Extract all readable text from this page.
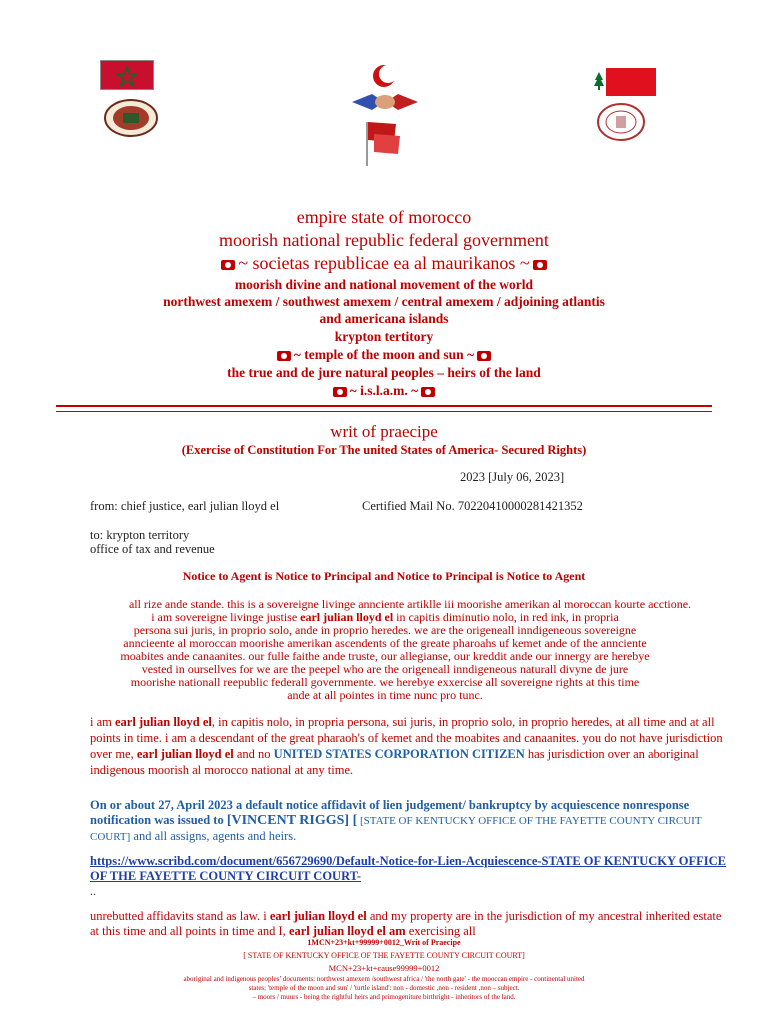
empire state of morocco
moorish national republic federal government
~ societas republicae ea al maurikanos ~
moorish divine and national movement of the world
northwest amexem / southwest amexem / central amexem / adjoining atlantis
and americana islands
krypton tertitory
~ temple of the moon and sun ~
the true and de jure natural peoples – heirs of the land
~ i.s.l.a.m. ~
writ of praecipe
(Exercise of Constitution For The united States of America- Secured Rights)
2023 [July 06, 2023]
from: chief justice, earl julian lloyd el	Certified Mail No. 70220410000281421352
to: krypton territory
office of tax and revenue
Notice to Agent is Notice to Principal and Notice to Principal is Notice to Agent
all rize ande stande. this is a sovereigne livinge annciente artiklle iii moorishe amerikan al moroccan kourte acctione.
i am sovereigne livinge justise earl julian lloyd el in capitis diminutio nolo, in red ink, in propria
persona sui juris, in proprio solo, ande in proprio heredes. we are the origeneall inndigeneous sovereigne
anncieente al moroccan moorishe amerikan ascendents of the greate pharoahs uf kemet ande of the annciente
moabites ande canaanites. our fulle faithe ande truste, our allegianse, our kreddit ande our innergy are herebye
vested in oursellves for we are the peepel who are the origeneall inndigeneous naturall divyne de jure
moorishe nationall reepublic federall governmente. we herebye exxercise all sovereigne rights at this time
ande at all pointes in time nunc pro tunc.
i am earl julian lloyd el, in capitis nolo, in propria persona, sui juris, in proprio solo, in proprio heredes, at all time and at all points in time. i am a descendant of the great pharaoh's of kemet and the moabites and canaanites. you do not have jurisdiction over me, earl julian lloyd el and no UNITED STATES CORPORATION CITIZEN has jurisdiction over an aboriginal indigenous moorish al morocco national at any time.
On or about 27, April 2023 a default notice affidavit of lien judgement/ bankruptcy by acquiescence nonresponse notification was issued to [VINCENT RIGGS] [ [STATE OF KENTUCKY OFFICE OF THE FAYETTE COUNTY CIRCUIT COURT] and all assigns, agents and heirs.
https://www.scribd.com/document/656729690/Default-Notice-for-Lien-Acquiescence-STATE OF KENTUCKY OFFICE OF THE FAYETTE COUNTY CIRCUIT COURT-
..
unrebutted affidavits stand as law. i earl julian lloyd el and my property are in the jurisdiction of my ancestral inherited estate at this time and all points in time and I, earl julian lloyd el am exercising all
1MCN+23+kt+99999+0012_Writ of Praecipe
[ STATE OF KENTUCKY OFFICE OF THE FAYETTE COUNTY CIRCUIT COURT]
MCN+23+kt+cause99999+0012
aboriginal and indigenous peoples’ documents: northwest amexem /southwest africa / 'the north gate' - the mooccan empire - continental united
states; 'temple of the moon and sun' / 'turtle island': non - domestic ,non - resident ,non – subject.
– moors / muurs - being the rightful heirs and primogeniture birthright - inheritors of the land.
